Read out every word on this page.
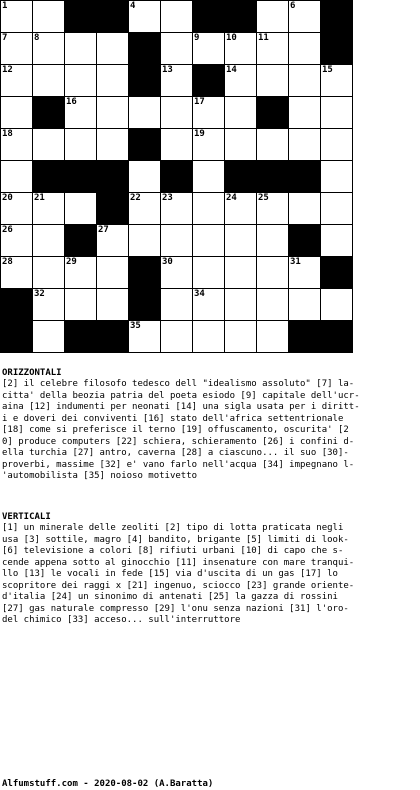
1	2	3	4	5	6
7	8	9	10 11
12	13	14	15
16	17
18	19
20 21	22 23	24 25
26	27
28	29	30	31
32	33	34
35
ORIZZONTALI
[2] il celebre filosofo tedesco dell "idealismo assoluto" [7] la-
citta' della beozia patria del poeta esiodo [9] capitale dell'ucr-
aina [12] indumenti per neonati [14] una sigla usata per i diritt-
i e doveri dei conviventi [16] stato dell'africa settentrionale
[18] come si preferisce il terno [19] offuscamento, oscurita' [2
0] produce computers [22] schiera, schieramento [26] i confini d-
ella turchia [27] antro, caverna [28] a ciascuno... il suo [30]-
proverbi, massime [32] e' vano farlo nell'acqua [34] impegnano l-
'automobilista [35] noioso motivetto
VERTICALI
[1] un minerale delle zeoliti [2] tipo di lotta praticata negli
usa [3] sottile, magro [4] bandito, brigante [5] limiti di look-
[6] televisione a colori [8] rifiuti urbani [10] di capo che s-
cende appena sotto al ginocchio [11] insenature con mare tranqui-
llo [13] le vocali in fede [15] via d'uscita di un gas [17] lo
scopritore dei raggi x [21] ingenuo, sciocco [23] grande oriente-
d'italia [24] un sinonimo di antenati [25] la gazza di rossini
[27] gas naturale compresso [29] l'onu senza nazioni [31] l'oro-
del chimico [33] acceso... sull'interruttore
Alfumstuff.com - 2020-08-02 (A.Baratta)
